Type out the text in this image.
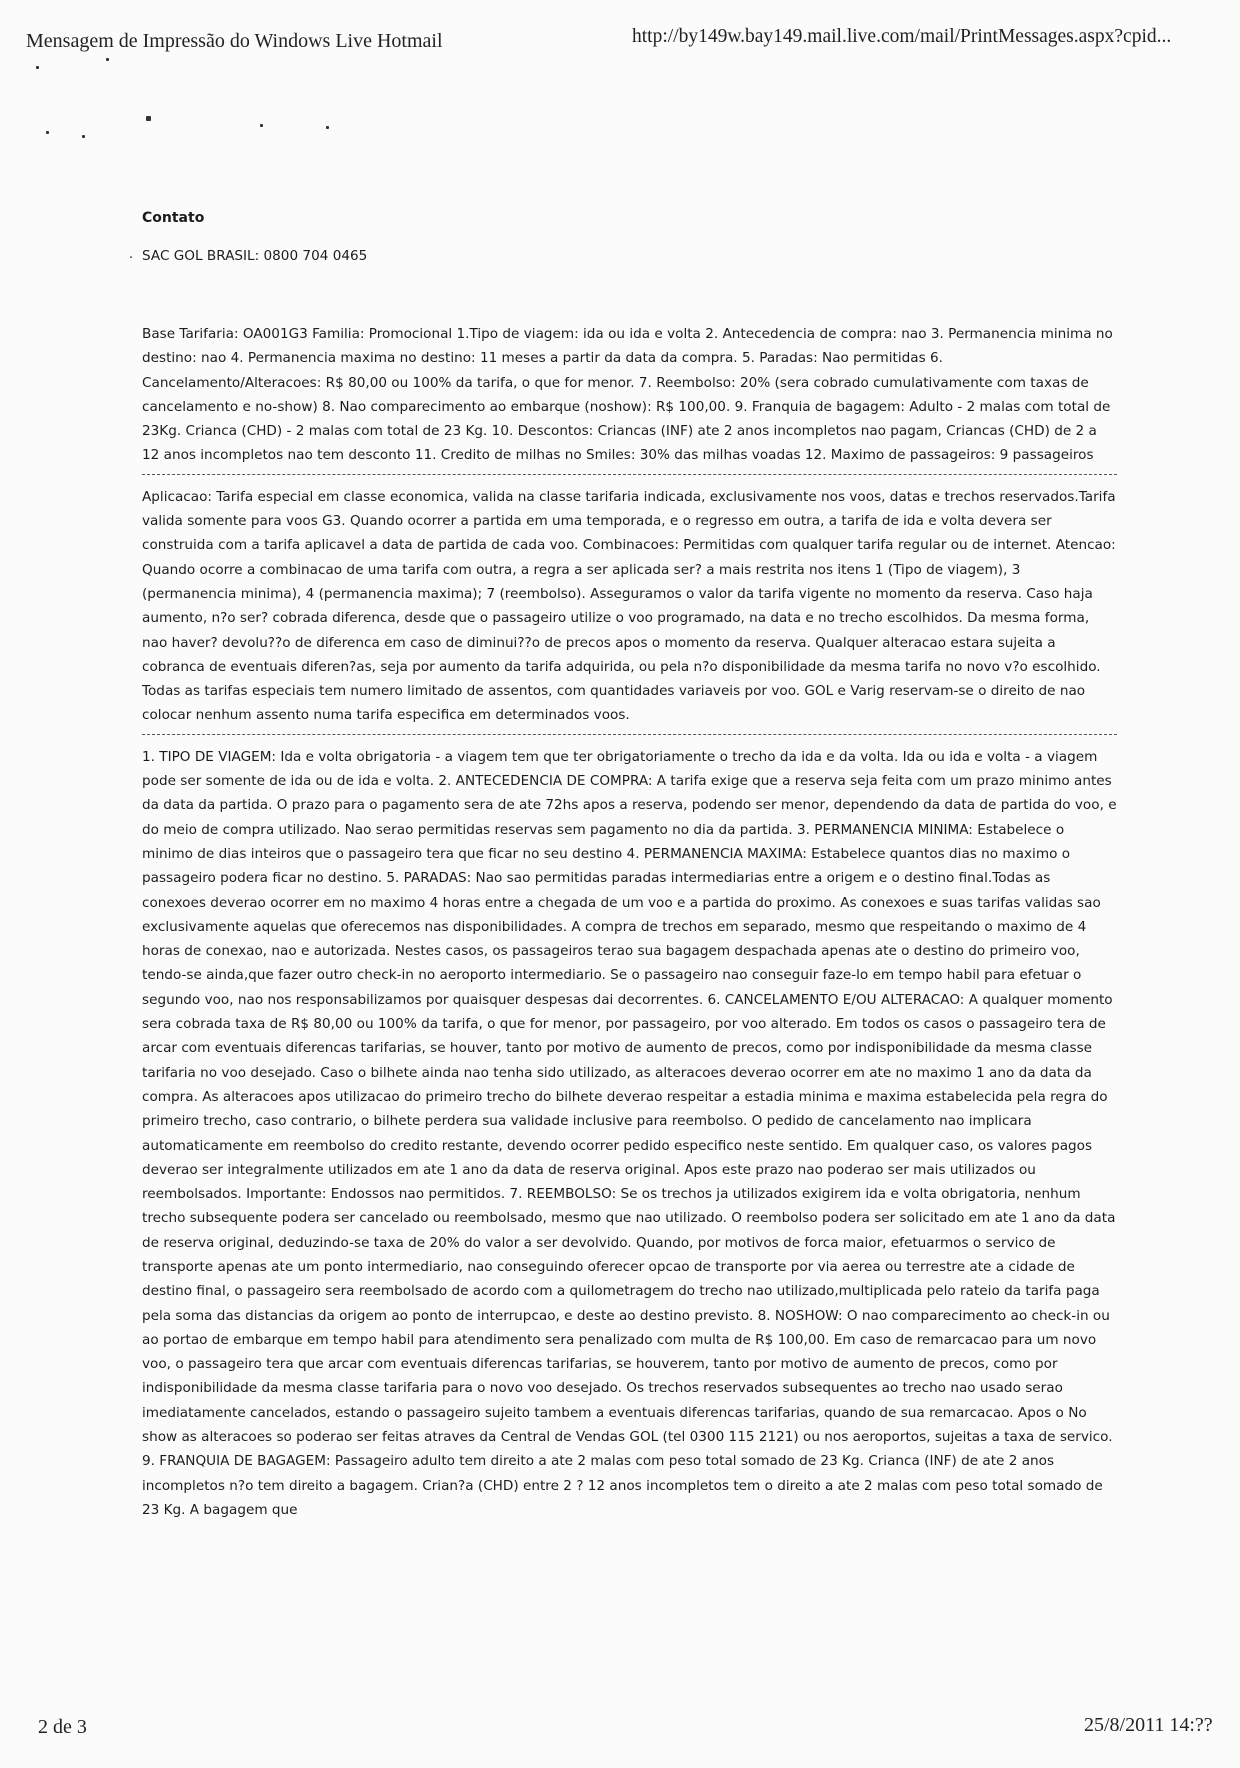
Mensagem de Impressão do Windows Live Hotmail	http://by149w.bay149.mail.live.com/mail/PrintMessages.aspx?cpid...
Contato
· SAC GOL BRASIL: 0800 704 0465

Base Tarifaria: OA001G3 Familia: Promocional 1.Tipo de viagem: ida ou ida e volta 2. Antecedencia de compra: nao 3. Permanencia minima no destino: nao 4. Permanencia maxima no destino: 11 meses a partir da data da compra. 5. Paradas: Nao permitidas 6. Cancelamento/Alteracoes: R$ 80,00 ou 100% da tarifa, o que for menor. 7. Reembolso: 20% (sera cobrado cumulativamente com taxas de cancelamento e no-show) 8. Nao comparecimento ao embarque (noshow): R$ 100,00. 9. Franquia de bagagem: Adulto - 2 malas com total de 23Kg. Crianca (CHD) - 2 malas com total de 23 Kg. 10. Descontos: Criancas (INF) ate 2 anos incompletos nao pagam, Criancas (CHD) de 2 a 12 anos incompletos nao tem desconto 11. Credito de milhas no Smiles: 30% das milhas voadas 12. Maximo de passageiros: 9 passageiros

Aplicacao: Tarifa especial em classe economica, valida na classe tarifaria indicada, exclusivamente nos voos, datas e trechos reservados.Tarifa valida somente para voos G3. Quando ocorrer a partida em uma temporada, e o regresso em outra, a tarifa de ida e volta devera ser construida com a tarifa aplicavel a data de partida de cada voo. Combinacoes: Permitidas com qualquer tarifa regular ou de internet. Atencao: Quando ocorre a combinacao de uma tarifa com outra, a regra a ser aplicada ser? a mais restrita nos itens 1 (Tipo de viagem), 3 (permanencia minima), 4 (permanencia maxima); 7 (reembolso). Asseguramos o valor da tarifa vigente no momento da reserva. Caso haja aumento, n?o ser? cobrada diferenca, desde que o passageiro utilize o voo programado, na data e no trecho escolhidos. Da mesma forma, nao haver? devolu??o de diferenca em caso de diminui??o de precos apos o momento da reserva. Qualquer alteracao estara sujeita a cobranca de eventuais diferen?as, seja por aumento da tarifa adquirida, ou pela n?o disponibilidade da mesma tarifa no novo v?o escolhido. Todas as tarifas especiais tem numero limitado de assentos, com quantidades variaveis por voo. GOL e Varig reservam-se o direito de nao colocar nenhum assento numa tarifa especifica em determinados voos.

1. TIPO DE VIAGEM: Ida e volta obrigatoria - a viagem tem que ter obrigatoriamente o trecho da ida e da volta. Ida ou ida e volta - a viagem pode ser somente de ida ou de ida e volta. 2. ANTECEDENCIA DE COMPRA: A tarifa exige que a reserva seja feita com um prazo minimo antes da data da partida. O prazo para o pagamento sera de ate 72hs apos a reserva, podendo ser menor, dependendo da data de partida do voo, e do meio de compra utilizado. Nao serao permitidas reservas sem pagamento no dia da partida. 3. PERMANENCIA MINIMA: Estabelece o minimo de dias inteiros que o passageiro tera que ficar no seu destino 4. PERMANENCIA MAXIMA: Estabelece quantos dias no maximo o passageiro podera ficar no destino. 5. PARADAS: Nao sao permitidas paradas intermediarias entre a origem e o destino final.Todas as conexoes deverao ocorrer em no maximo 4 horas entre a chegada de um voo e a partida do proximo. As conexoes e suas tarifas validas sao exclusivamente aquelas que oferecemos nas disponibilidades. A compra de trechos em separado, mesmo que respeitando o maximo de 4 horas de conexao, nao e autorizada. Nestes casos, os passageiros terao sua bagagem despachada apenas ate o destino do primeiro voo, tendo-se ainda,que fazer outro check-in no aeroporto intermediario. Se o passageiro nao conseguir faze-lo em tempo habil para efetuar o segundo voo, nao nos responsabilizamos por quaisquer despesas dai decorrentes. 6. CANCELAMENTO E/OU ALTERACAO: A qualquer momento sera cobrada taxa de R$ 80,00 ou 100% da tarifa, o que for menor, por passageiro, por voo alterado. Em todos os casos o passageiro tera de arcar com eventuais diferencas tarifarias, se houver, tanto por motivo de aumento de precos, como por indisponibilidade da mesma classe tarifaria no voo desejado. Caso o bilhete ainda nao tenha sido utilizado, as alteracoes deverao ocorrer em ate no maximo 1 ano da data da compra. As alteracoes apos utilizacao do primeiro trecho do bilhete deverao respeitar a estadia minima e maxima estabelecida pela regra do primeiro trecho, caso contrario, o bilhete perdera sua validade inclusive para reembolso. O pedido de cancelamento nao implicara automaticamente em reembolso do credito restante, devendo ocorrer pedido especifico neste sentido. Em qualquer caso, os valores pagos deverao ser integralmente utilizados em ate 1 ano da data de reserva original. Apos este prazo nao poderao ser mais utilizados ou reembolsados. Importante: Endossos nao permitidos. 7. REEMBOLSO: Se os trechos ja utilizados exigirem ida e volta obrigatoria, nenhum trecho subsequente podera ser cancelado ou reembolsado, mesmo que nao utilizado. O reembolso podera ser solicitado em ate 1 ano da data de reserva original, deduzindo-se taxa de 20% do valor a ser devolvido. Quando, por motivos de forca maior, efetuarmos o servico de transporte apenas ate um ponto intermediario, nao conseguindo oferecer opcao de transporte por via aerea ou terrestre ate a cidade de destino final, o passageiro sera reembolsado de acordo com a quilometragem do trecho nao utilizado,multiplicada pelo rateio da tarifa paga pela soma das distancias da origem ao ponto de interrupcao, e deste ao destino previsto. 8. NOSHOW: O nao comparecimento ao check-in ou ao portao de embarque em tempo habil para atendimento sera penalizado com multa de R$ 100,00. Em caso de remarcacao para um novo voo, o passageiro tera que arcar com eventuais diferencas tarifarias, se houverem, tanto por motivo de aumento de precos, como por indisponibilidade da mesma classe tarifaria para o novo voo desejado. Os trechos reservados subsequentes ao trecho nao usado serao imediatamente cancelados, estando o passageiro sujeito tambem a eventuais diferencas tarifarias, quando de sua remarcacao. Apos o No show as alteracoes so poderao ser feitas atraves da Central de Vendas GOL (tel 0300 115 2121) ou nos aeroportos, sujeitas a taxa de servico. 9. FRANQUIA DE BAGAGEM: Passageiro adulto tem direito a ate 2 malas com peso total somado de 23 Kg. Crianca (INF) de ate 2 anos incompletos n?o tem direito a bagagem. Crian?a (CHD) entre 2 ? 12 anos incompletos tem o direito a ate 2 malas com peso total somado de 23 Kg. A bagagem que

2 de 3	25/8/2011 14:??
